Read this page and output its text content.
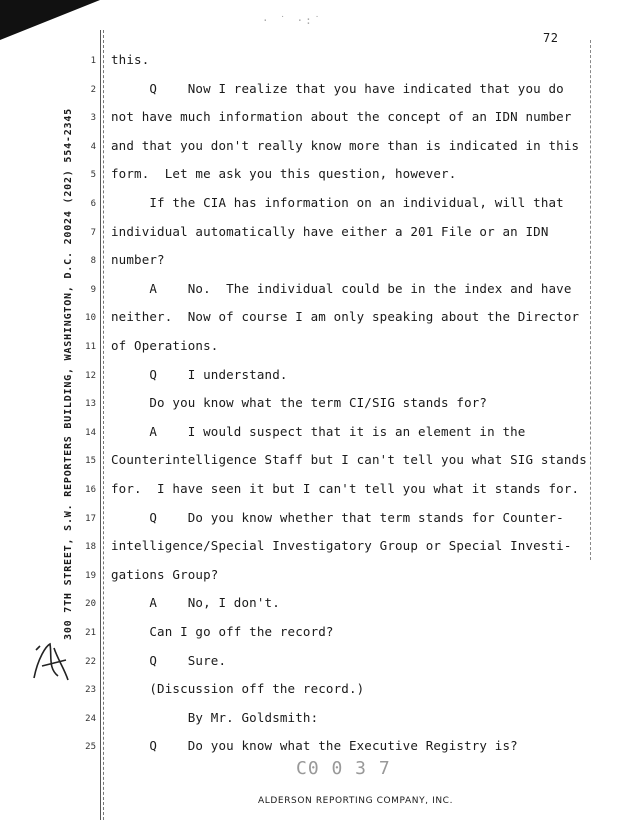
· ˙ ·:˙
72
300 7TH STREET, S.W. REPORTERS BUILDING, WASHINGTON, D.C. 20024 (202) 554-2345
1 this.
2 Q    Now I realize that you have indicated that you do
3 not have much information about the concept of an IDN number
4 and that you don't really know more than is indicated in this
5 form.  Let me ask you this question, however.
6 If the CIA has information on an individual, will that
7 individual automatically have either a 201 File or an IDN
8 number?
9 A    No.  The individual could be in the index and have
10 neither.  Now of course I am only speaking about the Director
11 of Operations.
12 Q    I understand.
13 Do you know what the term CI/SIG stands for?
14 A    I would suspect that it is an element in the
15 Counterintelligence Staff but I can't tell you what SIG stands
16 for.  I have seen it but I can't tell you what it stands for.
17 Q    Do you know whether that term stands for Counter-
18 intelligence/Special Investigatory Group or Special Investi-
19 gations Group?
20 A    No, I don't.
21 Can I go off the record?
22 Q    Sure.
23 (Discussion off the record.)
24 By Mr. Goldsmith:
25 Q    Do you know what the Executive Registry is?
C0 0 3 7
ALDERSON REPORTING COMPANY, INC.
